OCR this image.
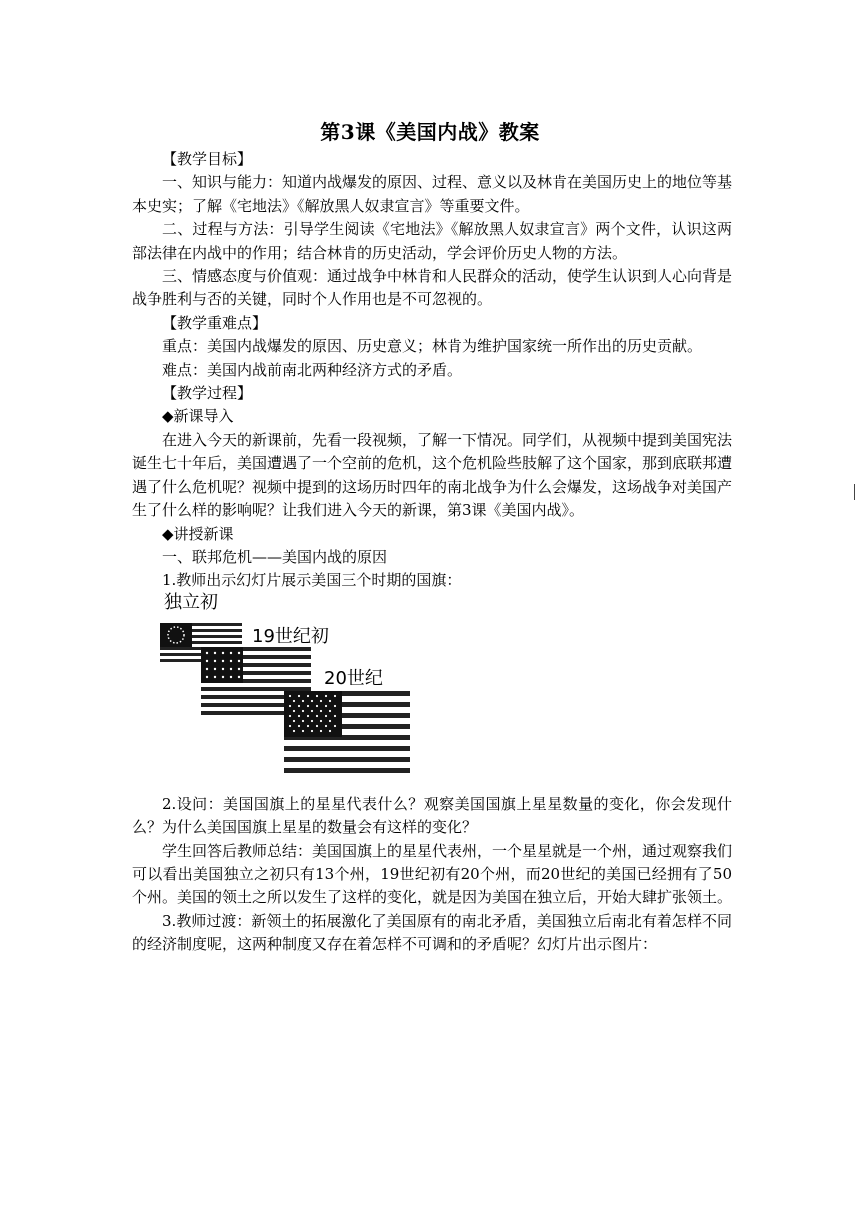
第3课《美国内战》教案

【教学目标】

一、知识与能力：知道内战爆发的原因、过程、意义以及林肯在美国历史上的地位等基本史实；了解《宅地法》《解放黑人奴隶宣言》等重要文件。

二、过程与方法：引导学生阅读《宅地法》《解放黑人奴隶宣言》两个文件，认识这两部法律在内战中的作用；结合林肯的历史活动，学会评价历史人物的方法。

三、情感态度与价值观：通过战争中林肯和人民群众的活动，使学生认识到人心向背是战争胜利与否的关键，同时个人作用也是不可忽视的。

【教学重难点】

重点：美国内战爆发的原因、历史意义；林肯为维护国家统一所作出的历史贡献。

难点：美国内战前南北两种经济方式的矛盾。

【教学过程】

◆新课导入

在进入今天的新课前，先看一段视频，了解一下情况。同学们，从视频中提到美国宪法诞生七十年后，美国遭遇了一个空前的危机，这个危机险些肢解了这个国家，那到底联邦遭遇了什么危机呢？视频中提到的这场历时四年的南北战争为什么会爆发，这场战争对美国产生了什么样的影响呢？让我们进入今天的新课，第3课《美国内战》。

◆讲授新课

一、联邦危机——美国内战的原因

1.教师出示幻灯片展示美国三个时期的国旗：

独立初
19世纪初
20世纪

2.设问：美国国旗上的星星代表什么？观察美国国旗上星星数量的变化，你会发现什么？为什么美国国旗上星星的数量会有这样的变化？

学生回答后教师总结：美国国旗上的星星代表州，一个星星就是一个州，通过观察我们可以看出美国独立之初只有13个州，19世纪初有20个州，而20世纪的美国已经拥有了50个州。美国的领土之所以发生了这样的变化，就是因为美国在独立后，开始大肆扩张领土。

3.教师过渡：新领土的拓展激化了美国原有的南北矛盾，美国独立后南北有着怎样不同的经济制度呢，这两种制度又存在着怎样不可调和的矛盾呢？幻灯片出示图片：
